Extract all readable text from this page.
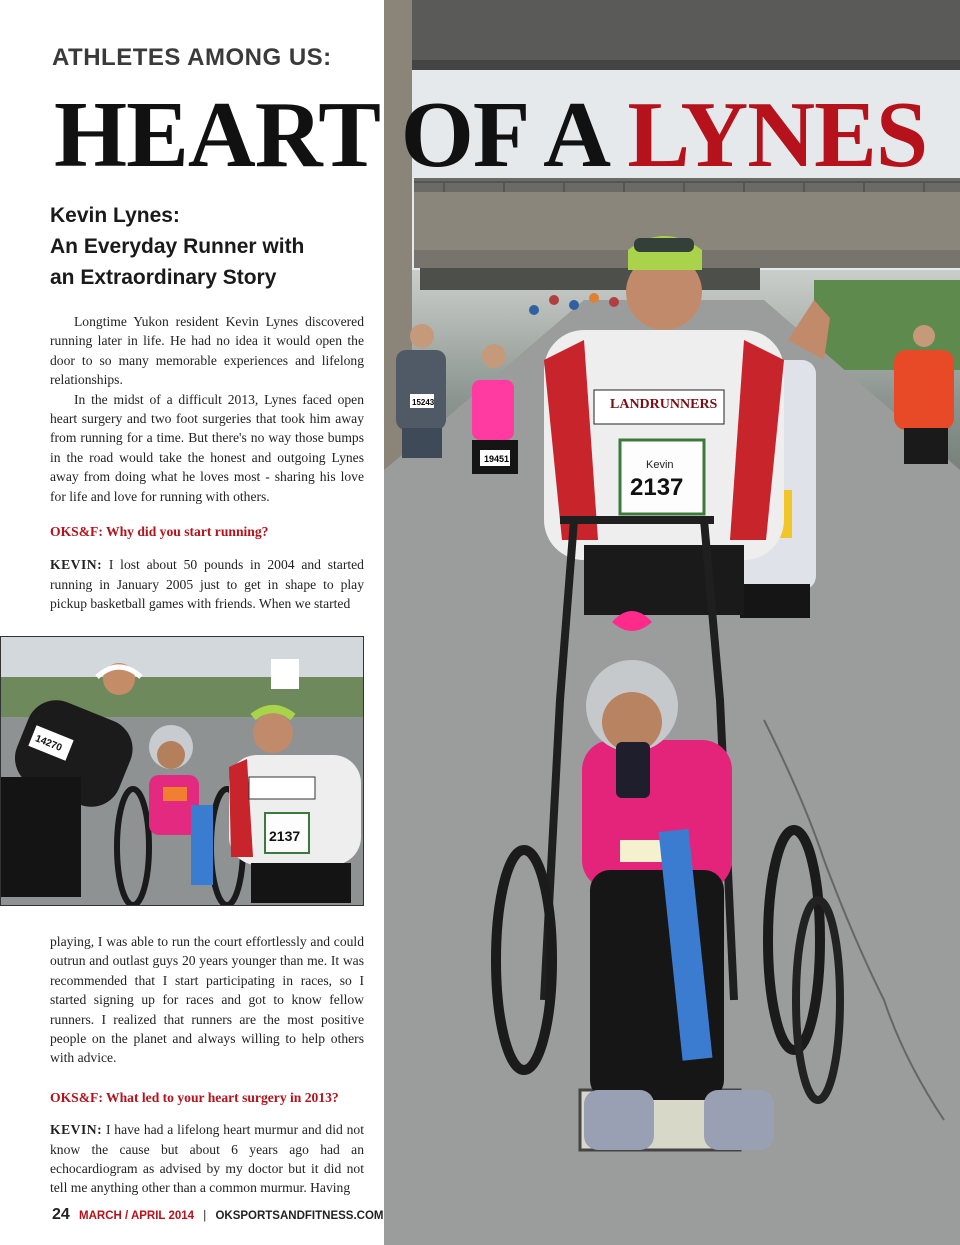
15243
19451
LANDRUNNERS
Kevin
2137
ATHLETES AMONG US:
HEART OF A LYNES
Kevin Lynes:
An Everyday Runner with
an Extraordinary Story

Longtime Yukon resident Kevin Lynes discovered running later in life. He had no idea it would open the door to so many memorable experiences and lifelong relationships.

In the midst of a difficult 2013, Lynes faced open heart surgery and two foot surgeries that took him away from running for a time. But there's no way those bumps in the road would take the honest and outgoing Lynes away from doing what he loves most - sharing his love for life and love for running with others.

OKS&F: Why did you start running?

KEVIN: I lost about 50 pounds in 2004 and started running in January 2005 just to get in shape to play pickup basketball games with friends. When we started

14270
2137

playing, I was able to run the court effortlessly and could outrun and outlast guys 20 years younger than me. It was recommended that I start participating in races, so I started signing up for races and got to know fellow runners. I realized that runners are the most positive people on the planet and always willing to help others with advice.

OKS&F: What led to your heart surgery in 2013?

KEVIN: I have had a lifelong heart murmur and did not know the cause but about 6 years ago had an echocardiogram as advised by my doctor but it did not tell me anything other than a common murmur. Having

24 MARCH / APRIL 2014 | OKSPORTSANDFITNESS.COM
